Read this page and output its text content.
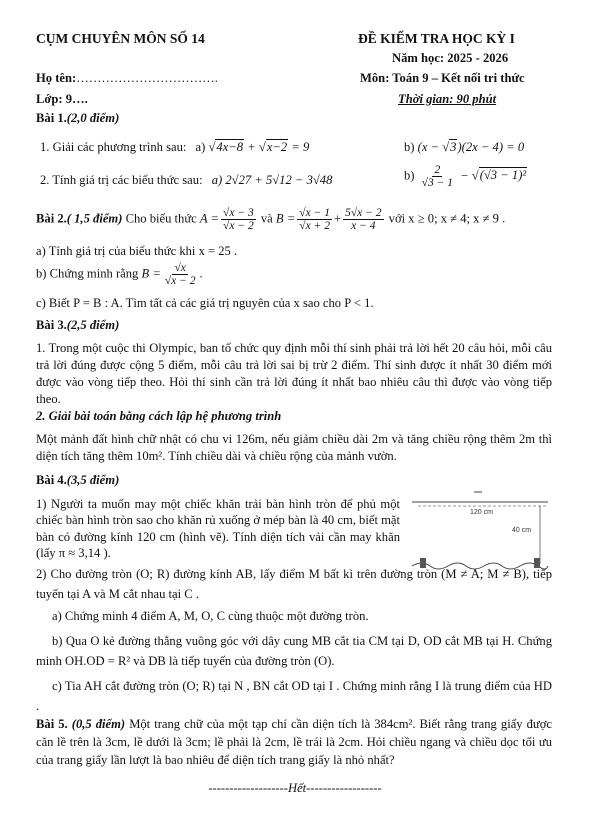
CỤM CHUYÊN MÔN SỐ 14	ĐỀ KIỂM TRA HỌC KỲ I
Năm học: 2025 - 2026
Họ tên:…………………………….	Môn: Toán 9 – Kết nối tri thức
Lớp: 9….	Thời gian: 90 phút
Bài 1.(2,0 điểm)
1. Giải các phương trình sau: a) √ 4x−8 + √ x−2 = 9	b) (x − √3)(2x − 4) = 0
2. Tính giá trị các biểu thức sau: a) 2√27 + 5√12 − 3√48	$b) \frac{2}{√3 - 1} - √(√3 - 1)^2$
Bài 2.( 1,5 điểm) Cho biểu thức $A = \frac{√x - 3}{√x - 2}$ và $B = \frac{√x - 1}{√x + 2} + \frac{5√x - 2}{x - 4}$ với x ≥ 0; x ≠ 4; x ≠ 9 .
a) Tính giá trị của biểu thức khi x = 25 .
b) Chứng minh rằng $B = \frac{√x}{√x - 2}$ .
c) Biết P = B : A. Tìm tất cả các giá trị nguyên của x sao cho P < 1.
Bài 3.(2,5 điểm)
1. Trong một cuộc thi Olympic, ban tổ chức quy định mỗi thí sinh phải trả lời hết 20 câu hỏi, mỗi câu trả lời đúng được cộng 5 điểm, mỗi câu trả lời sai bị trừ 2 điểm. Thí sinh được ít nhất 30 điểm mới được vào vòng tiếp theo. Hỏi thí sinh cần trả lời đúng ít nhất bao nhiêu câu thì được vào vòng tiếp theo.
2. Giải bài toán bằng cách lập hệ phương trình
Một mảnh đất hình chữ nhật có chu vi 126m, nếu giảm chiều dài 2m và tăng chiều rộng thêm 2m thì diện tích tăng thêm 10m². Tính chiều dài và chiều rộng của mảnh vườn.
Bài 4.(3,5 điểm)
1) Người ta muốn may một chiếc khăn trải bàn hình tròn để phủ một chiếc bàn hình tròn sao cho khăn rủ xuống ở mép bàn là 40 cm, biết mặt bàn có đường kính 120 cm (hình vẽ). Tính diện tích vải cần may khăn (lấy π ≈ 3,14 ).
120 cm
40 cm
2) Cho đường tròn (O; R) đường kính AB, lấy điểm M bất kì trên đường tròn (M ≠ A; M ≠ B), tiếp tuyến tại A và M cắt nhau tại C .
a) Chứng minh 4 điểm A, M, O, C cùng thuộc một đường tròn.
b) Qua O kẻ đường thẳng vuông góc với dây cung MB cắt tia CM tại D, OD cắt MB tại H. Chứng minh OH.OD = R² và DB là tiếp tuyến của đường tròn (O).
c) Tia AH cắt đường tròn (O; R) tại N , BN cắt OD tại I . Chứng minh rằng I là trung điểm của HD .
Bài 5. (0,5 điểm) Một trang chữ của một tạp chí cần diện tích là 384cm². Biết rằng trang giấy được căn lề trên là 3cm, lề dưới là 3cm; lề phải là 2cm, lề trái là 2cm. Hỏi chiều ngang và chiều dọc tối ưu của trang giấy lần lượt là bao nhiêu để diện tích trang giấy là nhỏ nhất?
-------------------Hết------------------
